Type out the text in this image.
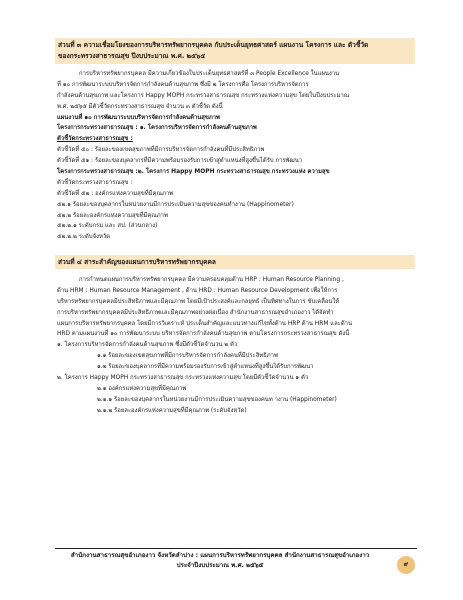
ส่วนที่ ๓ ความเชื่อมโยงของการบริหารทรัพยากรบุคคล กับประเด็นยุทธศาสตร์ แผนงาน โครงการ และ ตัวชี้วัด
ของกระทรวงสาธารณสุข ปีงบประมาณ พ.ศ. ๒๕๖๕
การบริหารทรัพยากรบุคคล มีความเกี่ยวข้องในประเด็นยุทธศาสตร์ที่ ๓ People Excellence ในแผนงาน
ที่ ๑๐ การพัฒนาระบบบริหารจัดการกำลังคนด้านสุขภาพ ซึ่งมี ๒ โครงการคือ โครงการบริหารจัดการ
กำลังคนด้านสุขภาพ และโครงการ Happy MOPH กระทรวงสาธารณสุข กระทรวงแห่งความสุข โดยในปีงบประมาณ
พ.ศ. ๒๕๖๕ มีตัวชี้วัดกระทรวงสาธารณสุข จำนวน ๓ ตัวชี้วัด ดังนี้
แผนงานที่ ๑๐ การพัฒนาระบบบริหารจัดการกำลังคนด้านสุขภาพ
โครงการกระทรวงสาธารณสุข : ๑. โครงการบริหารจัดการกำลังคนด้านสุขภาพ
ตัวชี้วัดกระทรวงสาธารณสุข :
ตัวชี้วัดที่ ๕๐ : ร้อยละของเขตสุขภาพที่มีการบริหารจัดการกำลังคนที่มีประสิทธิภาพ
ตัวชี้วัดที่ ๕๑ : ร้อยละของบุคลากรที่มีความพร้อมรองรับการเข้าสู่ตำแหน่งที่สูงขึ้นได้รับ การพัฒนา
โครงการกระทรวงสาธารณสุข :๒. โครงการ Happy MOPH กระทรวงสาธารณสุข กระทรวงแห่ง ความสุข
ตัวชี้วัดกระทรวงสาธารณสุข :
ตัวชี้วัดที่ ๕๒ : องค์กรแห่งความสุขที่มีคุณภาพ
๕๒.๑ ร้อยละของบุคลากรในหน่วยงานมีการประเมินความสุขของคนทำงาน (Happinometer)
๕๒.๒ ร้อยละองค์กรแห่งความสุขที่มีคุณภาพ
๕๒.๒.๑ ระดับกรม และ สป. (ส่วนกลาง)
๕๒.๒.๒ ระดับจังหวัด
ส่วนที่ ๔ สาระสำคัญของแผนการบริหารทรัพยากรบุคคล
การกำหนดแผนการบริหารทรัพยากรบุคคล มีความครอบคลุมด้าน HRP : Human Resource Planning ,
ด้าน HRM : Human Resource Management , ด้าน HRD : Human Resource Development เพื่อให้การ
บริหารทรัพยากรบุคคลมีประสิทธิภาพและมีคุณภาพ โดยมีเป้าประสงค์และกลยุทธ์ เป็นทิศทางในการ ขับเคลื่อนให้
การบริหารทรัพยากรบุคคลมีประสิทธิภาพและมีคุณภาพอย่างต่อเนื่อง สำนักงานสาธารณสุขอำเภองาว ได้จัดทำ
แผนการบริหารทรัพยากรบุคคล โดยมีการวิเคราะห์ ประเด็นสำคัญและแนวทางแก้ไขทั้งด้าน HRP ด้าน HRM และด้าน
HRD ตามแผนงานที่ ๑๐ การพัฒนาระบบ บริหารจัดการกำลังคนด้านสุขภาพ ตามโครงการกระทรวงสาธารณสุข ดังนี้
๑. โครงการบริหารจัดการกำลังคนด้านสุขภาพ ซึ่งมีตัวชี้วัดจำนวน ๒ ตัว
๑.๑ ร้อยละของเขตสุขภาพที่มีการบริหารจัดการกำลังคนที่มีประสิทธิภาพ
๑.๒ ร้อยละของบุคลากรที่มีความพร้อมรองรับการเข้าสู่ตำแหน่งที่สูงขึ้นได้รับการพัฒนา
๒. โครงการ Happy MOPH กระทรวงสาธารณสุข กระทรวงแห่งความสุข โดยมีตัวชี้วัดจำนวน ๑ ตัว
๒.๑ องค์กรแห่งความสุขที่มีคุณภาพ
๒.๑.๑ ร้อยละของบุคลากรในหน่วยงานมีการประเมินความสุขของคนท างาน (Happinometer)
๒.๑.๒ ร้อยละองค์กรแห่งความสุขที่มีคุณภาพ (ระดับจังหวัด)
สำนักงานสาธารณสุขอำเภองาว จังหวัดลำปาง : แผนการบริหารทรัพยากรบุคคล สำนักงานสาธารณสุขอำเภองาว
ประจำปีงบประมาณ พ.ศ. ๒๕๖๕	๙
